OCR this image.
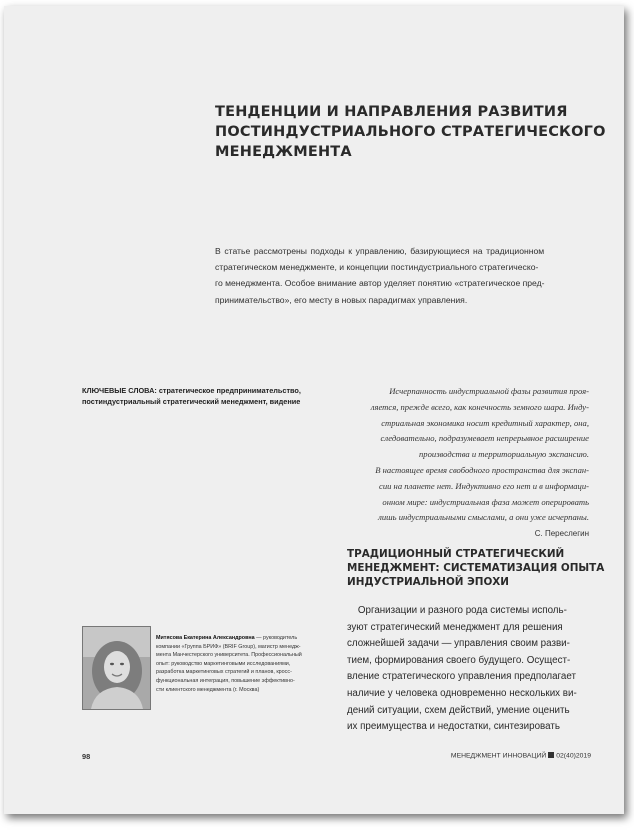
ТЕНДЕНЦИИ И НАПРАВЛЕНИЯ РАЗВИТИЯ
ПОСТИНДУСТРИАЛЬНОГО СТРАТЕГИЧЕСКОГО
МЕНЕДЖМЕНТА
В статье рассмотрены подходы к управлению, базирующиеся на традиционном
стратегическом менеджменте, и концепции постиндустриального стратегическо-
го менеджмента. Особое внимание автор уделяет понятию «стратегическое пред-
принимательство», его месту в новых парадигмах управления.
КЛЮЧЕВЫЕ СЛОВА: стратегическое предпринимательство,
постиндустриальный стратегический менеджмент, видение
Исчерпанность индустриальной фазы развития проя-
ляется, прежде всего, как конечность земного шара. Инду-
стриальная экономика носит кредитный характер, она,
следовательно, подразумевает непрерывное расширение
производства и территориальную экспансию.
В настоящее время свободного пространства для экспан-
сии на планете нет. Индуктивно его нет и в информаци-
онном мире: индустриальная фаза может оперировать
лишь индустриальными смыслами, а они уже исчерпаны.
С. Переслегин
ТРАДИЦИОННЫЙ СТРАТЕГИЧЕСКИЙ
МЕНЕДЖМЕНТ: СИСТЕМАТИЗАЦИЯ ОПЫТА
ИНДУСТРИАЛЬНОЙ ЭПОХИ
Организации и разного рода системы исполь-
зуют стратегический менеджмент для решения
сложнейшей задачи — управления своим разви-
тием, формирования своего будущего. Осущест-
вление стратегического управления предполагает
наличие у человека одновременно нескольких ви-
дений ситуации, схем действий, умение оценить
их преимущества и недостатки, синтезировать
Митясова Екатерина Александровна — руководитель
компании «Группа БРИФ» (BRIF Group), магистр менедж-
мента Манчестерского университета. Профессиональный
опыт: руководство маркетинговыми исследованиями,
разработка маркетинговых стратегий и планов, кросс-
функциональная интеграция, повышение эффективно-
сти клиентского менеджмента (г. Москва)
98	МЕНЕДЖМЕНТ ИННОВАЦИЙ 02(40)2019
